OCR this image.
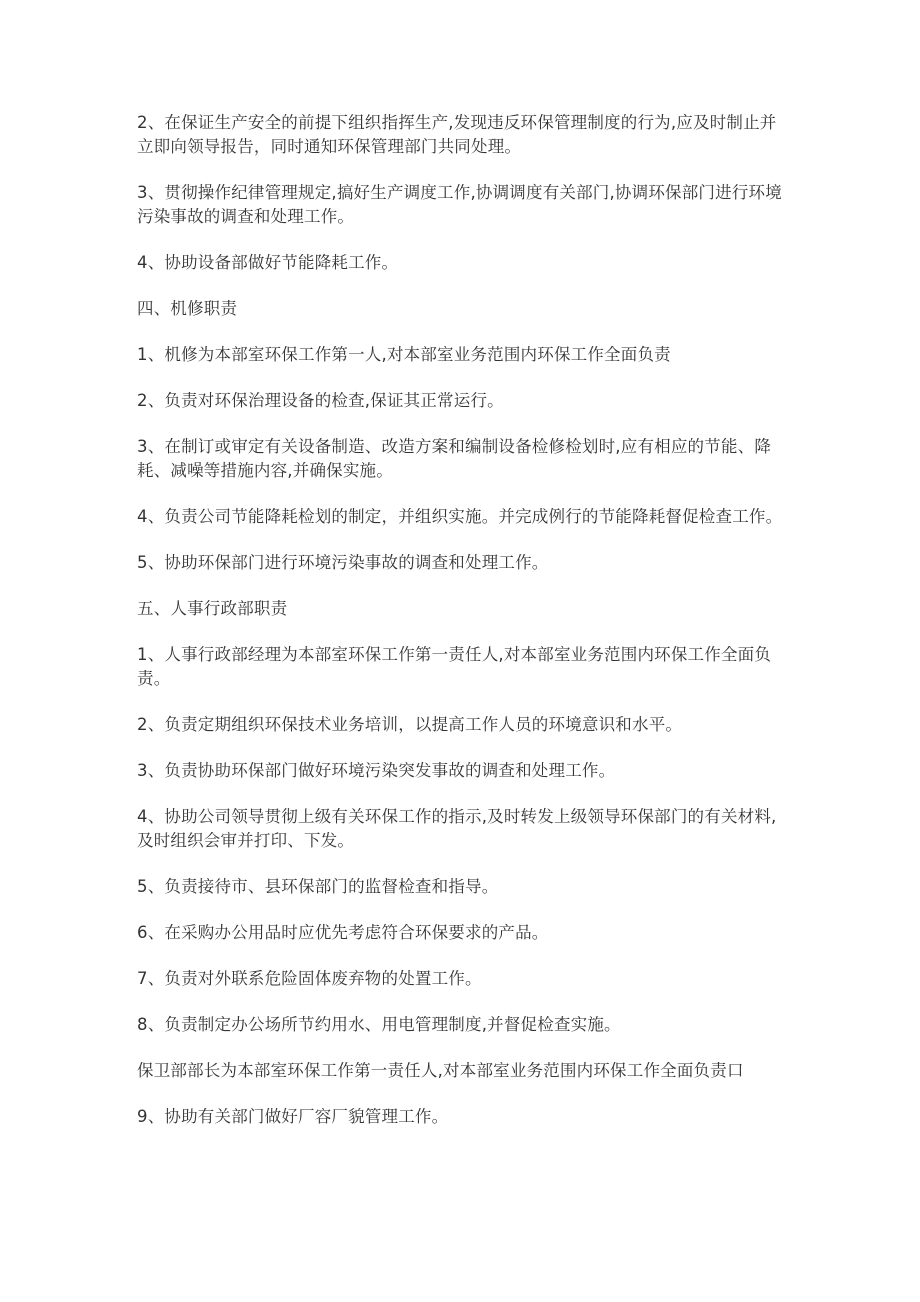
2、在保证生产安全的前提下组织指挥生产,发现违反环保管理制度的行为,应及时制止并立即向领导报告，同时通知环保管理部门共同处理。

3、贯彻操作纪律管理规定,搞好生产调度工作,协调调度有关部门,协调环保部门进行环境污染事故的调查和处理工作。

4、协助设备部做好节能降耗工作。

四、机修职责

1、机修为本部室环保工作第一人,对本部室业务范围内环保工作全面负责

2、负责对环保治理设备的检查,保证其正常运行。

3、在制订或审定有关设备制造、改造方案和编制设备检修检划时,应有相应的节能、降耗、减噪等措施内容,并确保实施。

4、负责公司节能降耗检划的制定，并组织实施。并完成例行的节能降耗督促检查工作。

5、协助环保部门进行环境污染事故的调查和处理工作。

五、人事行政部职责

1、人事行政部经理为本部室环保工作第一责任人,对本部室业务范围内环保工作全面负责。

2、负责定期组织环保技术业务培训，以提高工作人员的环境意识和水平。

3、负责协助环保部门做好环境污染突发事故的调查和处理工作。

4、协助公司领导贯彻上级有关环保工作的指示,及时转发上级领导环保部门的有关材料,及时组织会审并打印、下发。

5、负责接待市、县环保部门的监督检查和指导。

6、在采购办公用品时应优先考虑符合环保要求的产品。

7、负责对外联系危险固体废弃物的处置工作。

8、负责制定办公场所节约用水、用电管理制度,并督促检查实施。

保卫部部长为本部室环保工作第一责任人,对本部室业务范围内环保工作全面负责口

9、协助有关部门做好厂容厂貌管理工作。
